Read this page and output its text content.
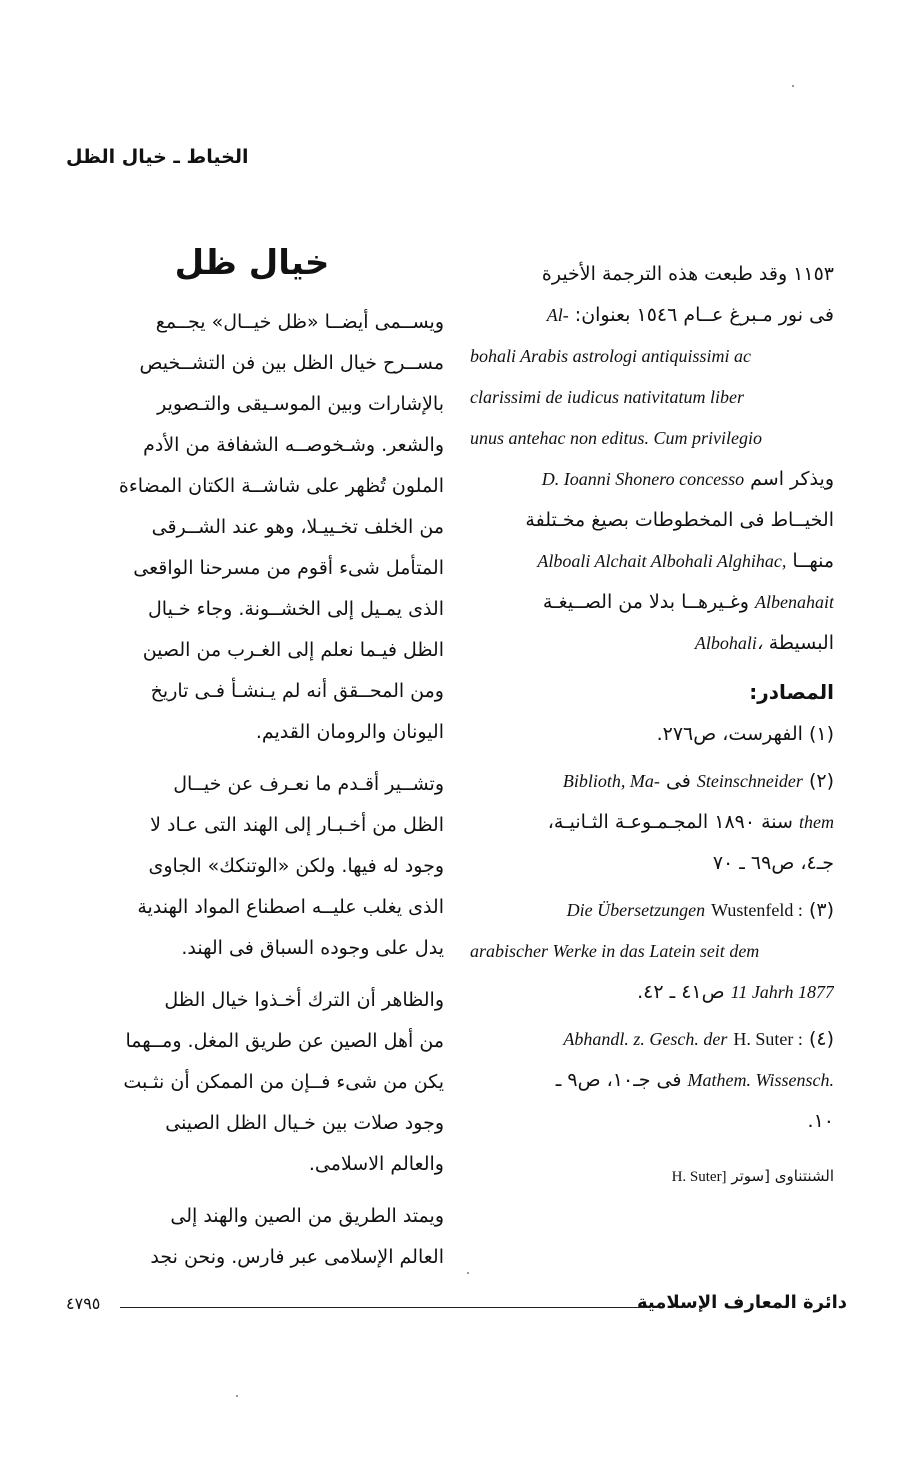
الخياط ـ خيال الظل
خيال ظل
ويســمى أيضــا «ظل خيــال» يجــمع
مســرح خيال الظل بين فن التشــخيص
بالإشارات وبين الموسـيقى والتـصوير
والشعر. وشـخوصــه الشفافة من الأدم
الملون تُظهر على شاشــة الكتان المضاءة
من الخلف تخـييـلا، وهو عند الشــرقى
المتأمل شىء أقوم من مسرحنا الواقعى
الذى يمـيل إلى الخشــونة. وجاء خـيال
الظل فيـما نعلم إلى الغـرب من الصين
ومن المحــقق أنه لم يـنشـأ فـى تاريخ
اليونان والرومان القديم.
وتشــير أقـدم ما نعـرف عن خيــال
الظل من أخـبـار إلى الهند التى عـاد لا
وجود له فيها. ولكن «الوتنكك» الجاوى
الذى يغلب عليــه اصطناع المواد الهندية
يدل على وجوده السباق فى الهند.
والظاهر أن الترك أخـذوا خيال الظل
من أهل الصين عن طريق المغل. ومــهما
يكن من شىء فــإن من الممكن أن نثـبت
وجود صلات بين خـيال الظل الصينى
والعالم الاسلامى.
ويمتد الطريق من الصين والهند إلى
العالم الإسلامى عبر فارس. ونحن نجد
١١٥٣ وقد طبعت هذه الترجمة الأخيرة
فى نور مـبرغ عــام ١٥٤٦ بعنوان: Al-
bohali Arabis astrologi antiquissimi ac
clarissimi de iudicus nativitatum liber
unus antehac non editus. Cum privilegio
ويذكر اسم D. Ioanni Shonero concesso
الخيــاط فى المخطوطات بصيغ مخـتلفة
منهــا Alboali Alchait Albohali Alghihac,
Albenahait وغـيرهــا بدلا من الصــيغـة
البسيطة Albohali،
المصادر:
(١) الفهرست، ص٢٧٦.
(٢) Steinschneider فى Biblioth, Ma-
them سنة ١٨٩٠ المجـمـوعـة الثـانيـة،
جـ٤، ص٦٩ ـ ٧٠
(٣) Wustenfeld : Die Übersetzungen
arabischer Werke in das Latein seit dem
11 Jahrh 1877 ص٤١ ـ ٤٢.
(٤) H. Suter : Abhandl. z. Gesch. der
Mathem. Wissensch. فى جـ١٠، ص٩ ـ
١٠.
الشنتناوى [سوتر H. Suter]
دائرة المعارف الإسلامية
٤٧٩٥
